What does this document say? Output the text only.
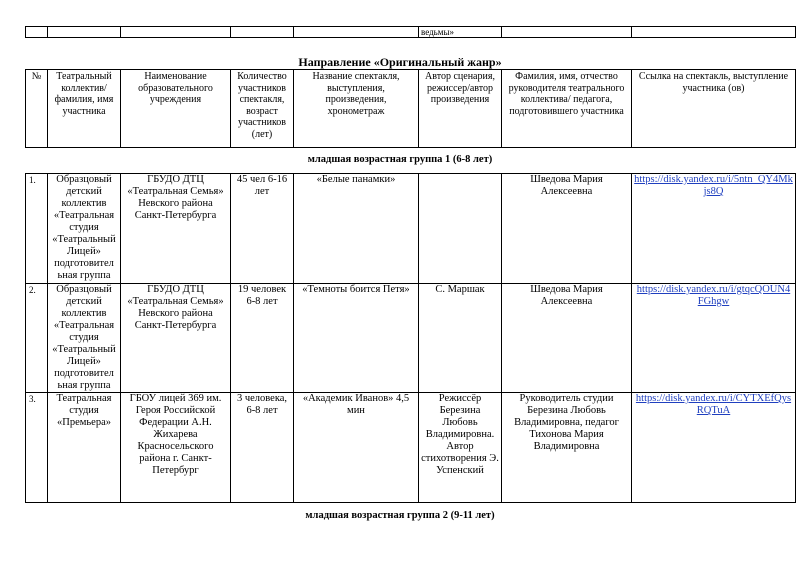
					ведьмы»		
Направление «Оригинальный жанр»
№	Театральный коллектив/ фамилия, имя участника	Наименование образовательного учреждения	Количество участников спектакля, возраст участников (лет)	Название спектакля, выступления, произведения, хронометраж	Автор сценария, режиссер/автор произведения	Фамилия, имя, отчество руководителя театрального коллектива/ педагога, подготовившего участника	Ссылка на спектакль, выступление участника (ов)
младшая возрастная группа 1 (6-8 лет)
1.	Образцовый детский коллектив «Театральная студия «Театральный Лицей» подготовител ьная группа	ГБУДО ДТЦ «Театральная Семья» Невского района Санкт-Петербурга	45 чел 6-16 лет	«Белые панамки»		Шведова Мария Алексеевна	https://disk.yandex.ru/i/5ntn_QY4Mkjs8Q
2.	Образцовый детский коллектив «Театральная студия «Театральный Лицей» подготовител ьная группа	ГБУДО ДТЦ «Театральная Семья» Невского района Санкт-Петербурга	19 человек 6-8 лет	«Темноты боится Петя»	С. Маршак	Шведова Мария Алексеевна	https://disk.yandex.ru/i/gtqcQOUN4FGhgw
3.	Театральная студия «Премьера»	ГБОУ лицей 369 им. Героя Российской Федерации А.Н. Жихарева Красносельского района г. Санкт-Петербург	3 человека, 6-8 лет	«Академик Иванов» 4,5 мин	Режиссёр Березина Любовь Владимировна. Автор стихотворения Э. Успенский	Руководитель студии Березина Любовь Владимировна, педагог Тихонова Мария Владимировна	https://disk.yandex.ru/i/CYTXEfQysRQTuA
младшая возрастная группа 2 (9-11 лет)
